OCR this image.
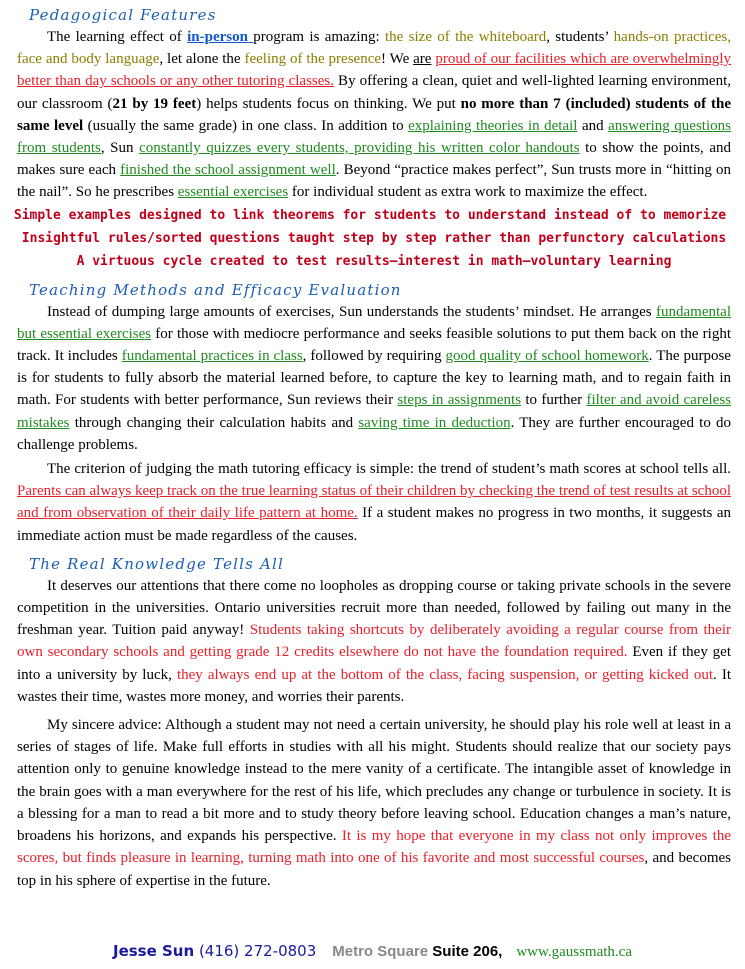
Pedagogical Features

The learning effect of in-person program is amazing: the size of the whiteboard, students’ hands-on practices, face and body language, let alone the feeling of the presence! We are proud of our facilities which are overwhelmingly better than day schools or any other tutoring classes. By offering a clean, quiet and well-lighted learning environment, our classroom (21 by 19 feet) helps students focus on thinking. We put no more than 7 (included) students of the same level (usually the same grade) in one class. In addition to explaining theories in detail and answering questions from students, Sun constantly quizzes every students, providing his written color handouts to show the points, and makes sure each finished the school assignment well. Beyond “practice makes perfect”, Sun trusts more in “hitting on the nail”. So he prescribes essential exercises for individual student as extra work to maximize the effect.

Simple examples designed to link theorems for students to understand instead of to memorize
Insightful rules/sorted questions taught step by step rather than perfunctory calculations
A virtuous cycle created to test results—interest in math—voluntary learning
Teaching Methods and Efficacy Evaluation

Instead of dumping large amounts of exercises, Sun understands the students’ mindset. He arranges fundamental but essential exercises for those with mediocre performance and seeks feasible solutions to put them back on the right track. It includes fundamental practices in class, followed by requiring good quality of school homework. The purpose is for students to fully absorb the material learned before, to capture the key to learning math, and to regain faith in math. For students with better performance, Sun reviews their steps in assignments to further filter and avoid careless mistakes through changing their calculation habits and saving time in deduction. They are further encouraged to do challenge problems.

The criterion of judging the math tutoring efficacy is simple: the trend of student’s math scores at school tells all. Parents can always keep track on the true learning status of their children by checking the trend of test results at school and from observation of their daily life pattern at home. If a student makes no progress in two months, it suggests an immediate action must be made regardless of the causes.

The Real Knowledge Tells All

It deserves our attentions that there come no loopholes as dropping course or taking private schools in the severe competition in the universities. Ontario universities recruit more than needed, followed by failing out many in the freshman year. Tuition paid anyway! Students taking shortcuts by deliberately avoiding a regular course from their own secondary schools and getting grade 12 credits elsewhere do not have the foundation required. Even if they get into a university by luck, they always end up at the bottom of the class, facing suspension, or getting kicked out. It wastes their time, wastes more money, and worries their parents.

My sincere advice: Although a student may not need a certain university, he should play his role well at least in a series of stages of life. Make full efforts in studies with all his might. Students should realize that our society pays attention only to genuine knowledge instead to the mere vanity of a certificate. The intangible asset of knowledge in the brain goes with a man everywhere for the rest of his life, which precludes any change or turbulence in society. It is a blessing for a man to read a bit more and to study theory before leaving school. Education changes a man’s nature, broadens his horizons, and expands his perspective. It is my hope that everyone in my class not only improves the scores, but finds pleasure in learning, turning math into one of his favorite and most successful courses, and becomes top in his sphere of expertise in the future.

Jesse Sun (416) 272-0803 Metro Square Suite 206, www.gaussmath.ca
